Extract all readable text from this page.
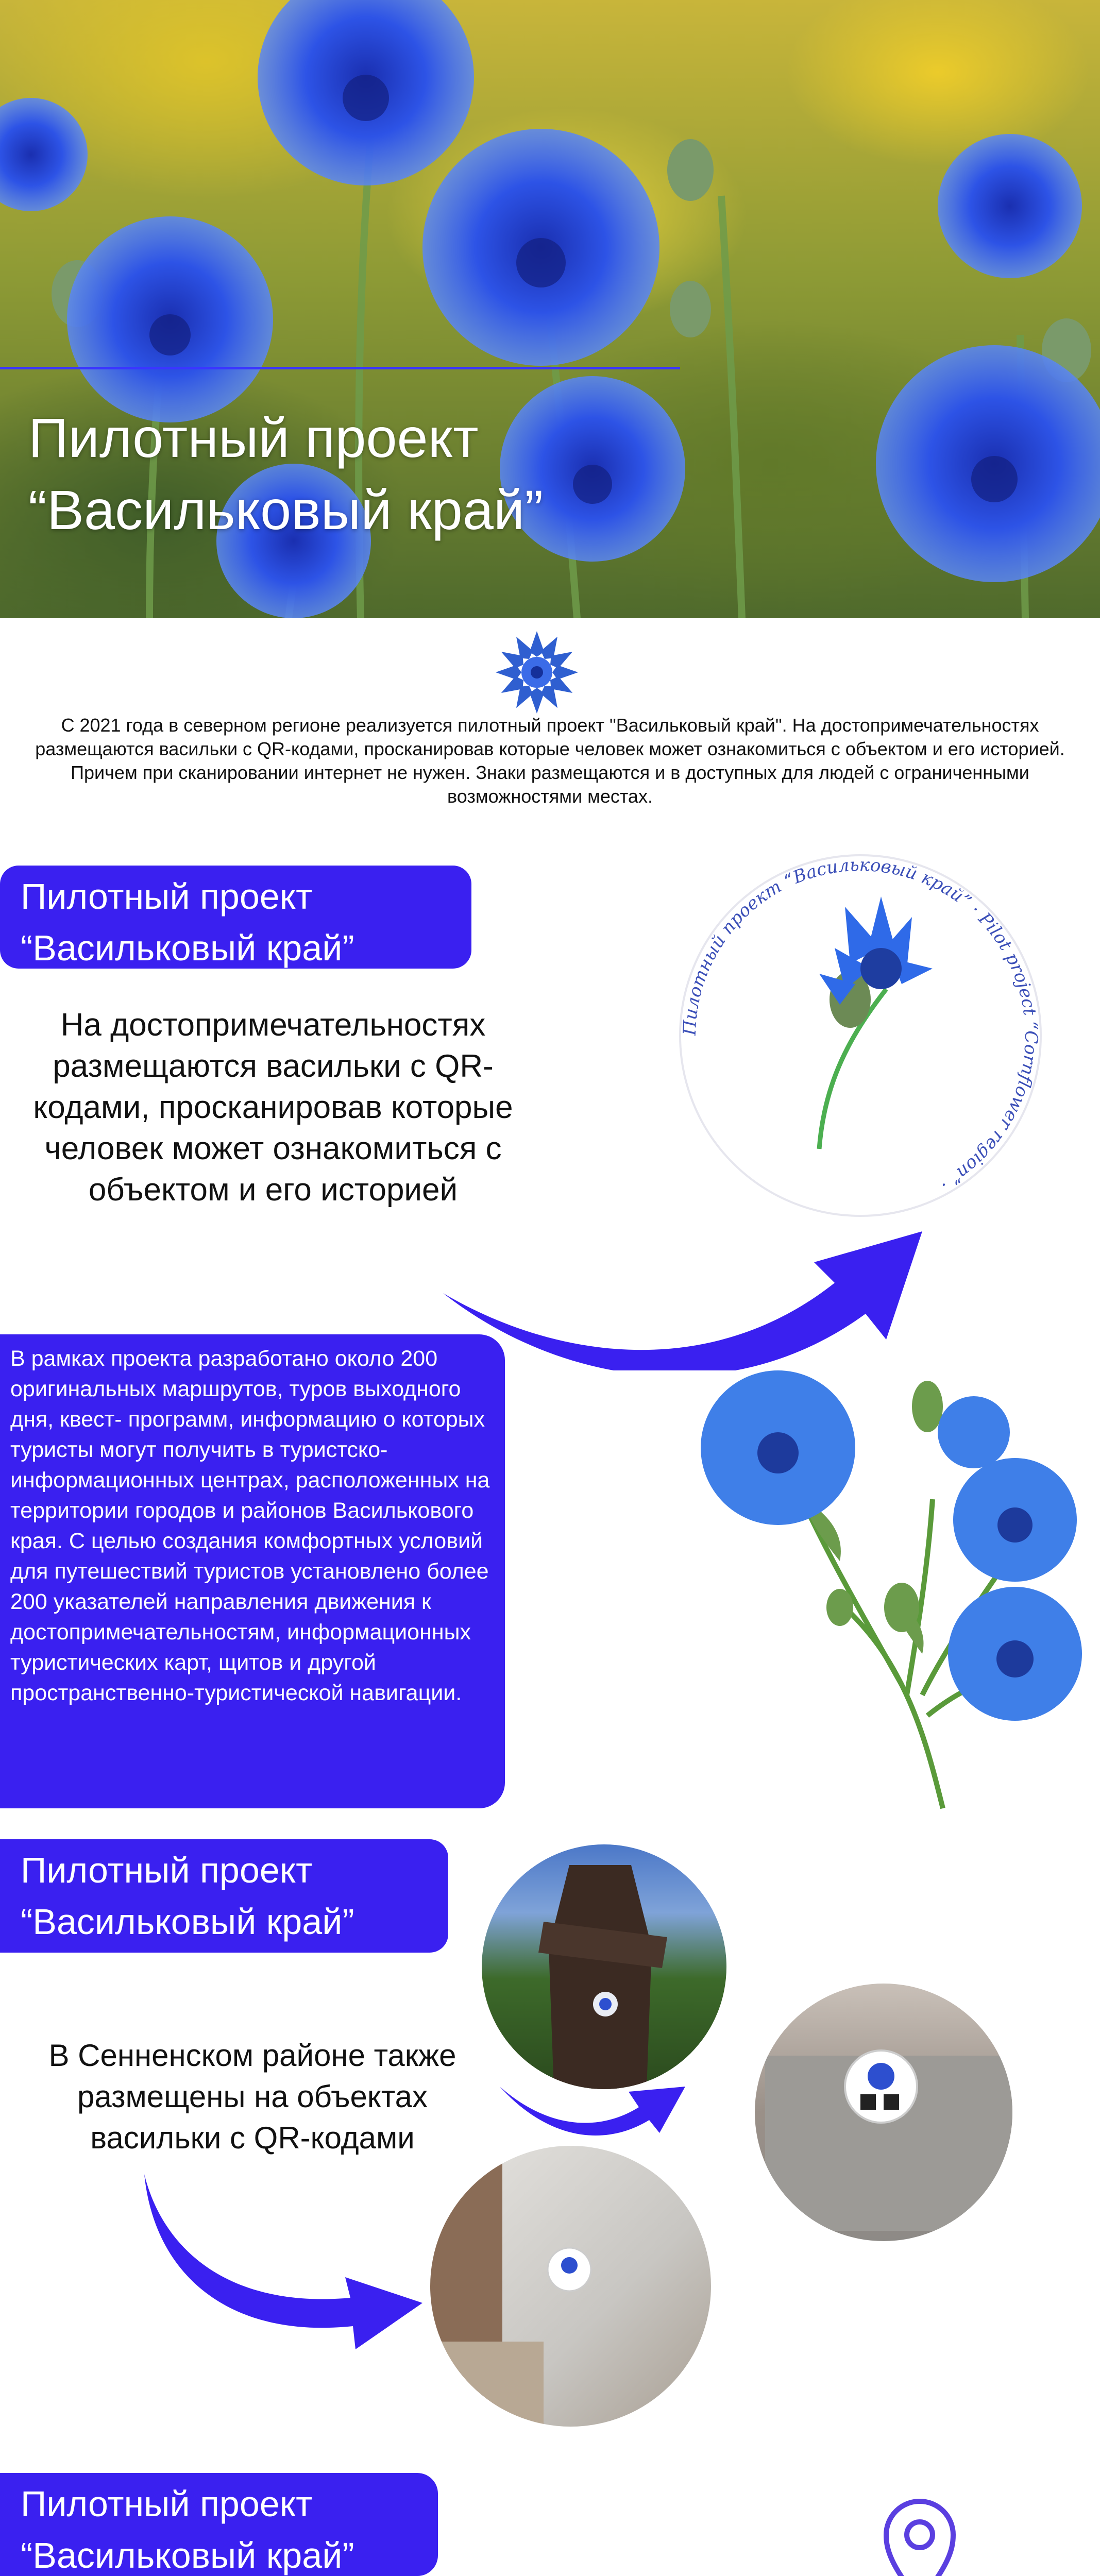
Пилотный проект
“Васильковый край”
С 2021 года в северном регионе реализуется пилотный проект "Васильковый край". На достопримечательностях размещаются васильки с QR-кодами, просканировав которые человек может ознакомиться с объектом и его историей. Причем при сканировании интернет не нужен. Знаки размещаются и в доступных для людей с ограниченными возможностями местах.
Пилотный проект
“Васильковый край”
На достопримечательностях размещаются васильки с QR-кодами, просканировав которые человек может ознакомиться с объектом и его историей
Пилотный проект “Васильковый край” · Pilot project “Cornflower region” ·
В рамках проекта разработано около 200 оригинальных маршрутов, туров выходного дня, квест- программ, информацию о которых туристы могут получить в туристско-информационных центрах, расположенных на территории городов и районов Василькового края. С целью создания комфортных условий для путешествий туристов установлено более 200 указателей направления движения к достопримечательностям, информационных туристических карт, щитов и другой пространственно-туристической навигации.
Пилотный проект
“Васильковый край”
В Сенненском районе также размещены на объектах васильки с QR-кодами
Пилотный проект
“Васильковый край”
